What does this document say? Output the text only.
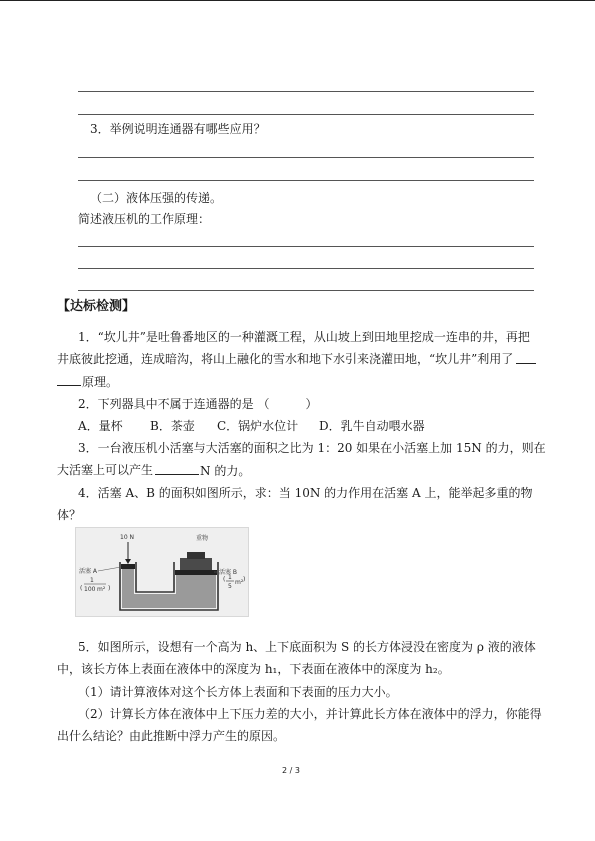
3．举例说明连通器有哪些应用？
（二）液体压强的传递。
简述液压机的工作原理：
【达标检测】
1．“坎儿井”是吐鲁番地区的一种灌溉工程，从山坡上到田地里挖成一连串的井，再把
井底彼此挖通，连成暗沟，将山上融化的雪水和地下水引来浇灌田地，“坎儿井”利用了
原理。
2．下列器具中不属于连通器的是 （　　　）
A．量杯 B．茶壶 C．锅炉水位计 D．乳牛自动喂水器
3．一台液压机小活塞与大活塞的面积之比为 1：20 如果在小活塞上加 15N 的力，则在
大活塞上可以产生	N 的力。
4．活塞 A、B 的面积如图所示，求：当 10N 的力作用在活塞 A 上，能举起多重的物
体？
10 N	重物
活塞 A
1
( 100 m² )
活塞 B
( 1
5
m² )
5．如图所示，设想有一个高为 h、上下底面积为 S 的长方体浸没在密度为 ρ 液的液体
中，该长方体上表面在液体中的深度为 h₁，下表面在液体中的深度为 h₂。
（1）请计算液体对这个长方体上表面和下表面的压力大小。
（2）计算长方体在液体中上下压力差的大小，并计算此长方体在液体中的浮力，你能得
出什么结论？由此推断中浮力产生的原因。
2 / 3
